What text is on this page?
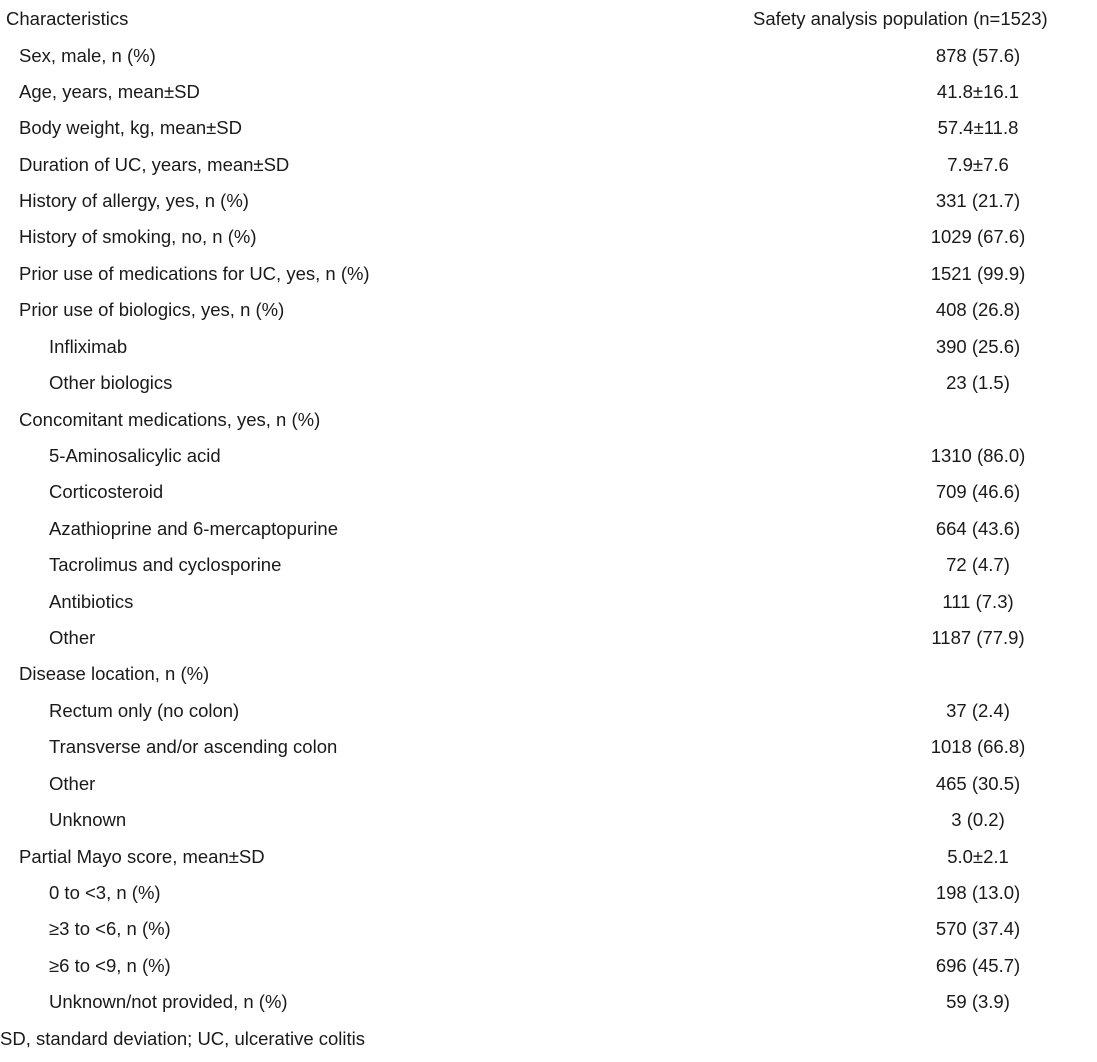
Characteristics	Safety analysis population (n=1523)
Sex, male, n (%)	878 (57.6)
Age, years, mean±SD	41.8±16.1
Body weight, kg, mean±SD	57.4±11.8
Duration of UC, years, mean±SD	7.9±7.6
History of allergy, yes, n (%)	331 (21.7)
History of smoking, no, n (%)	1029 (67.6)
Prior use of medications for UC, yes, n (%)	1521 (99.9)
Prior use of biologics, yes, n (%)	408 (26.8)
Infliximab	390 (25.6)
Other biologics	23 (1.5)
Concomitant medications, yes, n (%)
5-Aminosalicylic acid	1310 (86.0)
Corticosteroid	709 (46.6)
Azathioprine and 6-mercaptopurine	664 (43.6)
Tacrolimus and cyclosporine	72 (4.7)
Antibiotics	111 (7.3)
Other	1187 (77.9)
Disease location, n (%)
Rectum only (no colon)	37 (2.4)
Transverse and/or ascending colon	1018 (66.8)
Other	465 (30.5)
Unknown	3 (0.2)
Partial Mayo score, mean±SD	5.0±2.1
0 to <3, n (%)	198 (13.0)
≥3 to <6, n (%)	570 (37.4)
≥6 to <9, n (%)	696 (45.7)
Unknown/not provided, n (%)	59 (3.9)
SD, standard deviation; UC, ulcerative colitis
